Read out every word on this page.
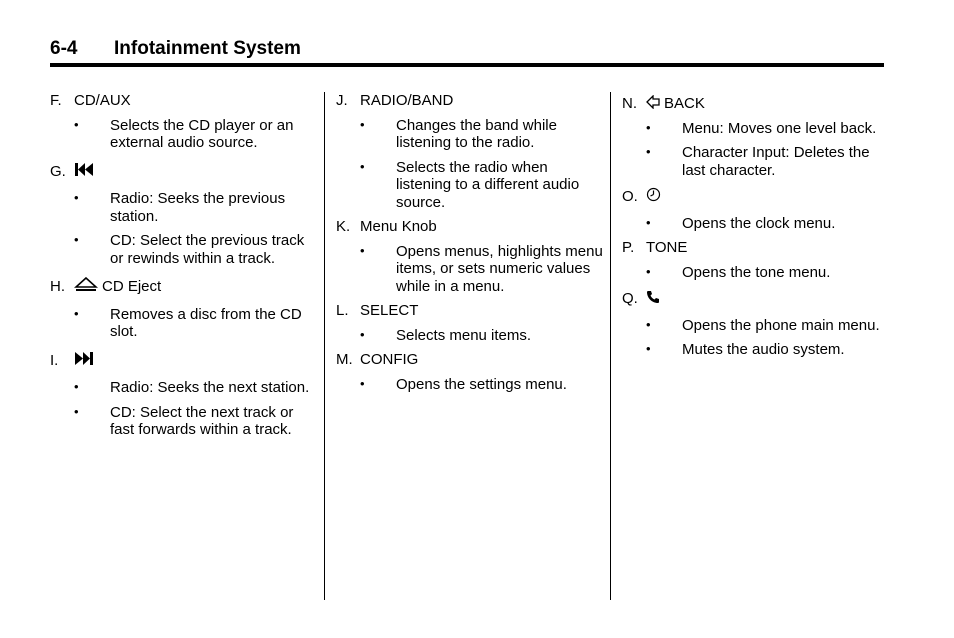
6-4 Infotainment System
F. CD/AUX
• Selects the CD player or an external audio source.
G.
• Radio: Seeks the previous station.
• CD: Select the previous track or rewinds within a track.
H.	CD Eject
• Removes a disc from the CD slot.
I.
• Radio: Seeks the next station.
• CD: Select the next track or fast forwards within a track.
J. RADIO/BAND
• Changes the band while listening to the radio.
• Selects the radio when listening to a different audio source.
K. Menu Knob
• Opens menus, highlights menu items, or sets numeric values while in a menu.
L. SELECT
• Selects menu items.
M. CONFIG
• Opens the settings menu.
N.	BACK
• Menu: Moves one level back.
• Character Input: Deletes the last character.
O.
• Opens the clock menu.
P. TONE
• Opens the tone menu.
Q.
• Opens the phone main menu.
• Mutes the audio system.
